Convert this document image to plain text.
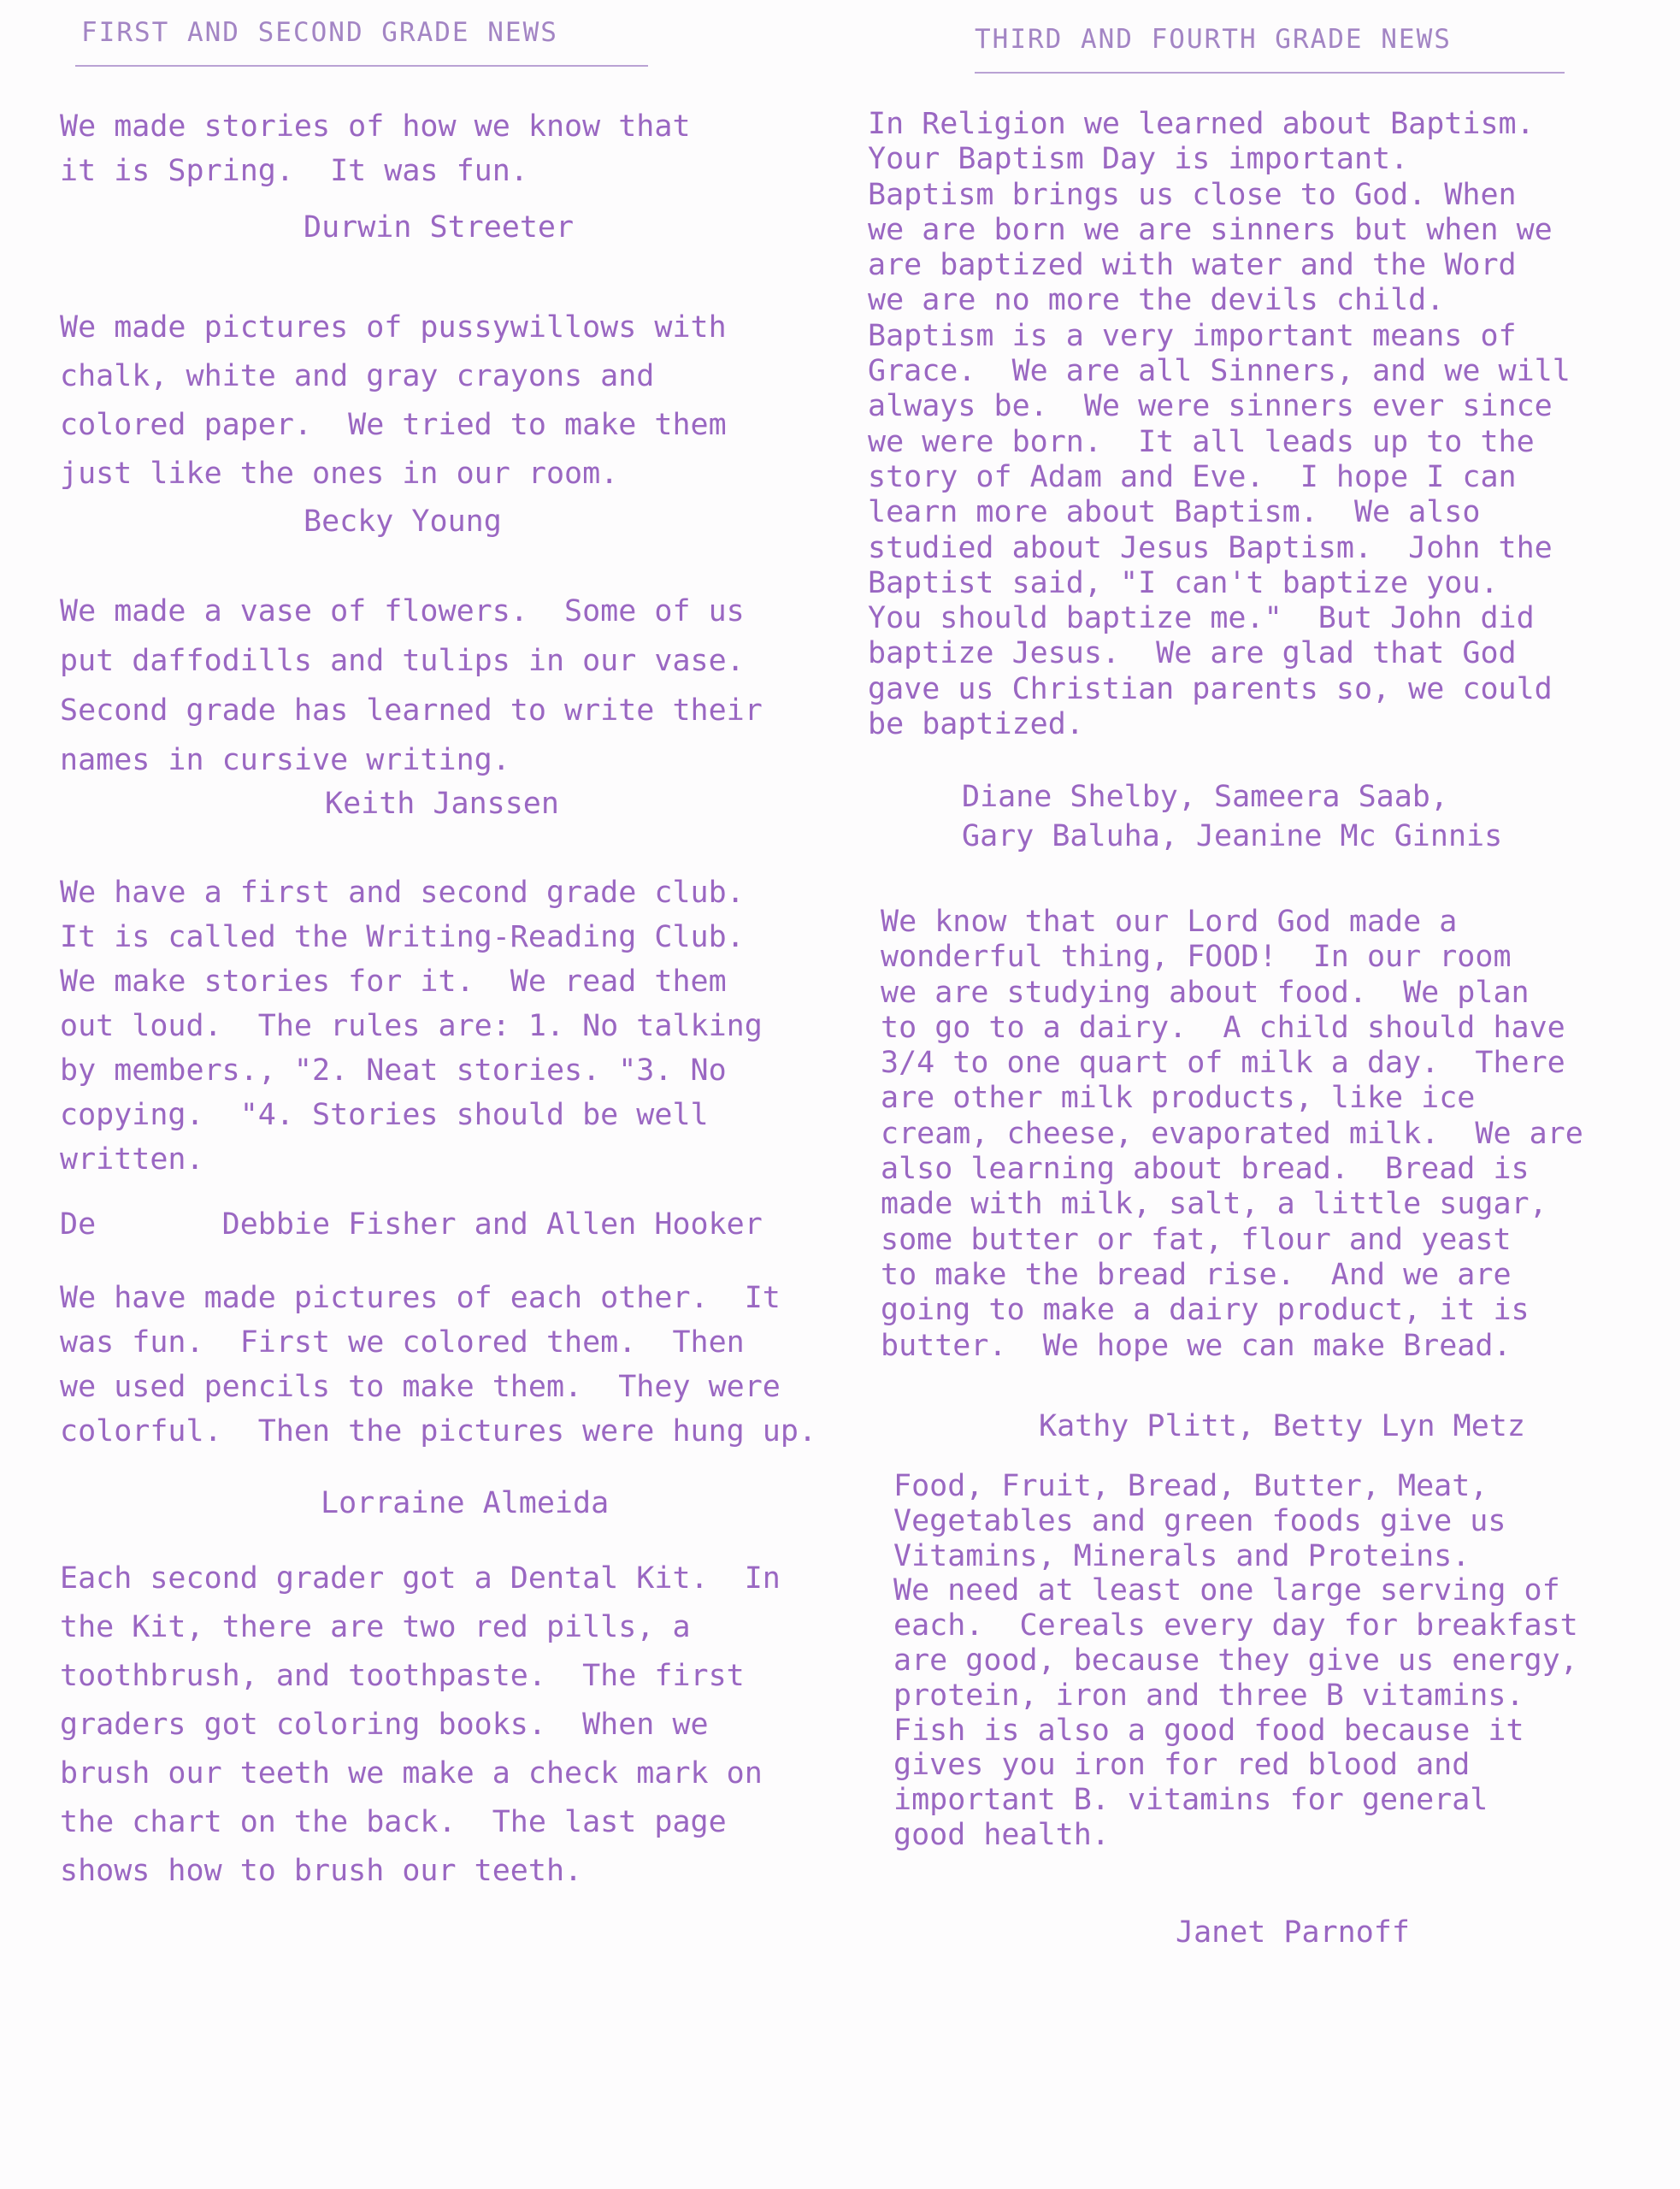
FIRST AND SECOND GRADE NEWS
We made stories of how we know that
it is Spring.  It was fun.
Durwin Streeter
We made pictures of pussywillows with
chalk, white and gray crayons and
colored paper.  We tried to make them
just like the ones in our room.
Becky Young
We made a vase of flowers.  Some of us
put daffodills and tulips in our vase.
Second grade has learned to write their
names in cursive writing.
Keith Janssen
We have a first and second grade club.
It is called the Writing-Reading Club.
We make stories for it.  We read them
out loud.  The rules are: 1. No talking
by members., "2. Neat stories. "3. No
copying.  "4. Stories should be well
written.
De       Debbie Fisher and Allen Hooker
We have made pictures of each other.  It
was fun.  First we colored them.  Then
we used pencils to make them.  They were
colorful.  Then the pictures were hung up.
Lorraine Almeida
Each second grader got a Dental Kit.  In
the Kit, there are two red pills, a
toothbrush, and toothpaste.  The first
graders got coloring books.  When we
brush our teeth we make a check mark on
the chart on the back.  The last page
shows how to brush our teeth.
THIRD AND FOURTH GRADE NEWS
In Religion we learned about Baptism.
Your Baptism Day is important.
Baptism brings us close to God. When
we are born we are sinners but when we
are baptized with water and the Word
we are no more the devils child.
Baptism is a very important means of
Grace.  We are all Sinners, and we will
always be.  We were sinners ever since
we were born.  It all leads up to the
story of Adam and Eve.  I hope I can
learn more about Baptism.  We also
studied about Jesus Baptism.  John the
Baptist said, "I can't baptize you.
You should baptize me."  But John did
baptize Jesus.  We are glad that God
gave us Christian parents so, we could
be baptized.
Diane Shelby, Sameera Saab,
Gary Baluha, Jeanine Mc Ginnis
We know that our Lord God made a
wonderful thing, FOOD!  In our room
we are studying about food.  We plan
to go to a dairy.  A child should have
3/4 to one quart of milk a day.  There
are other milk products, like ice
cream, cheese, evaporated milk.  We are
also learning about bread.  Bread is
made with milk, salt, a little sugar,
some butter or fat, flour and yeast
to make the bread rise.  And we are
going to make a dairy product, it is
butter.  We hope we can make Bread.
Kathy Plitt, Betty Lyn Metz
Food, Fruit, Bread, Butter, Meat,
Vegetables and green foods give us
Vitamins, Minerals and Proteins.
We need at least one large serving of
each.  Cereals every day for breakfast
are good, because they give us energy,
protein, iron and three B vitamins.
Fish is also a good food because it
gives you iron for red blood and
important B. vitamins for general
good health.
Janet Parnoff
